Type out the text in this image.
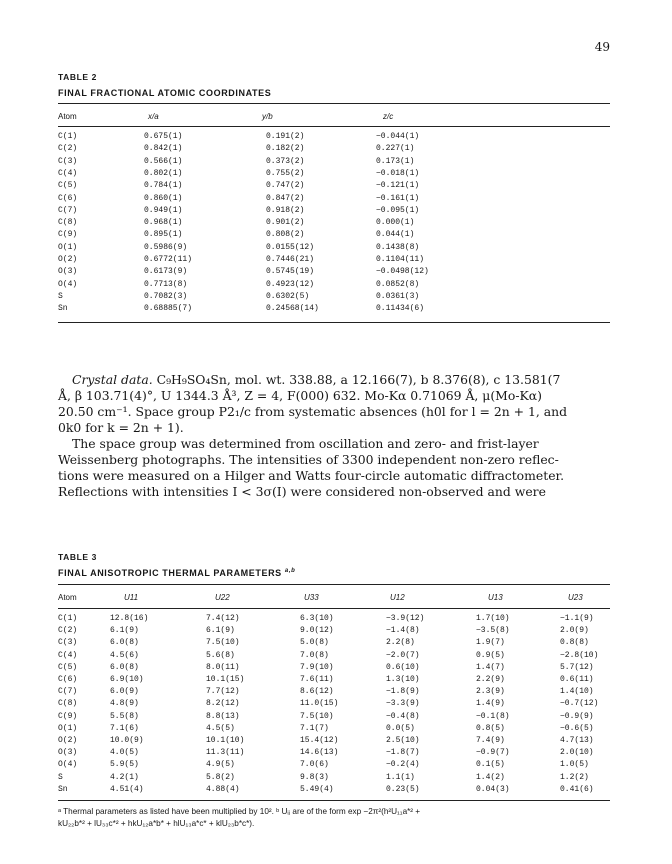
49
TABLE 2
FINAL FRACTIONAL ATOMIC COORDINATES
Atom	x/a	y/b	z/c
C(1)	0.675(1)	0.191(2)	−0.044(1)
C(2)	0.842(1)	0.182(2)	0.227(1)
C(3)	0.566(1)	0.373(2)	0.173(1)
C(4)	0.802(1)	0.755(2)	−0.018(1)
C(5)	0.784(1)	0.747(2)	−0.121(1)
C(6)	0.860(1)	0.847(2)	−0.161(1)
C(7)	0.949(1)	0.918(2)	−0.095(1)
C(8)	0.968(1)	0.901(2)	0.000(1)
C(9)	0.895(1)	0.808(2)	0.044(1)
O(1)	0.5986(9)	0.0155(12)	0.1438(8)
O(2)	0.6772(11)	0.7446(21)	0.1104(11)
O(3)	0.6173(9)	0.5745(19)	−0.0498(12)
O(4)	0.7713(8)	0.4923(12)	0.0852(8)
S	0.7082(3)	0.6302(5)	0.0361(3)
Sn	0.68885(7)	0.24568(14)	0.11434(6)

Crystal data. C₉H₉SO₄Sn, mol. wt. 338.88, a 12.166(7), b 8.376(8), c 13.581(7

Å, β 103.71(4)°, U 1344.3 Å³, Z = 4, F(000) 632. Mo-Kα 0.71069 Å, μ(Mo-Kα)

20.50 cm⁻¹. Space group P2₁/c from systematic absences (h0l for l = 2n + 1, and

0k0 for k = 2n + 1).

The space group was determined from oscillation and zero- and frist-layer

Weissenberg photographs. The intensities of 3300 independent non-zero reflec-

tions were measured on a Hilger and Watts four-circle automatic diffractometer.

Reflections with intensities I < 3σ(I) were considered non-observed and were

TABLE 3
FINAL ANISOTROPIC THERMAL PARAMETERS $^{a,b}$
Atom	U11	U22	U33	U12	U13	U23
C(1)	12.8(16)	7.4(12)	6.3(10)	−3.9(12)	1.7(10)	−1.1(9)
C(2)	6.1(9)	6.1(9)	9.0(12)	−1.4(8)	−3.5(8)	2.0(9)
C(3)	6.0(8)	7.5(10)	5.0(8)	2.2(8)	1.9(7)	0.8(8)
C(4)	4.5(6)	5.6(8)	7.0(8)	−2.0(7)	0.9(5)	−2.8(10)
C(5)	6.0(8)	8.0(11)	7.9(10)	0.6(10)	1.4(7)	5.7(12)
C(6)	6.9(10)	10.1(15)	7.6(11)	1.3(10)	2.2(9)	0.6(11)
C(7)	6.0(9)	7.7(12)	8.6(12)	−1.8(9)	2.3(9)	1.4(10)
C(8)	4.8(9)	8.2(12)	11.0(15)	−3.3(9)	1.4(9)	−0.7(12)
C(9)	5.5(8)	8.8(13)	7.5(10)	−0.4(8)	−0.1(8)	−0.9(9)
O(1)	7.1(6)	4.5(5)	7.1(7)	0.0(5)	0.8(5)	−0.6(5)
O(2)	10.0(9)	10.1(10)	15.4(12)	2.5(10)	7.4(9)	4.7(13)
O(3)	4.0(5)	11.3(11)	14.6(13)	−1.8(7)	−0.9(7)	2.0(10)
O(4)	5.9(5)	4.9(5)	7.0(6)	−0.2(4)	0.1(5)	1.0(5)
S	4.2(1)	5.8(2)	9.8(3)	1.1(1)	1.4(2)	1.2(2)
Sn	4.51(4)	4.88(4)	5.49(4)	0.23(5)	0.04(3)	0.41(6)
ᵃ Thermal parameters as listed have been multiplied by 10². ᵇ Uᵢⱼ are of the form exp −2π²(h²U₁₁a*² +
kU₂₂b*² + lU₃₃c*² + hkU₁₂a*b* + hlU₁₃a*c* + klU₂₃b*c*).
